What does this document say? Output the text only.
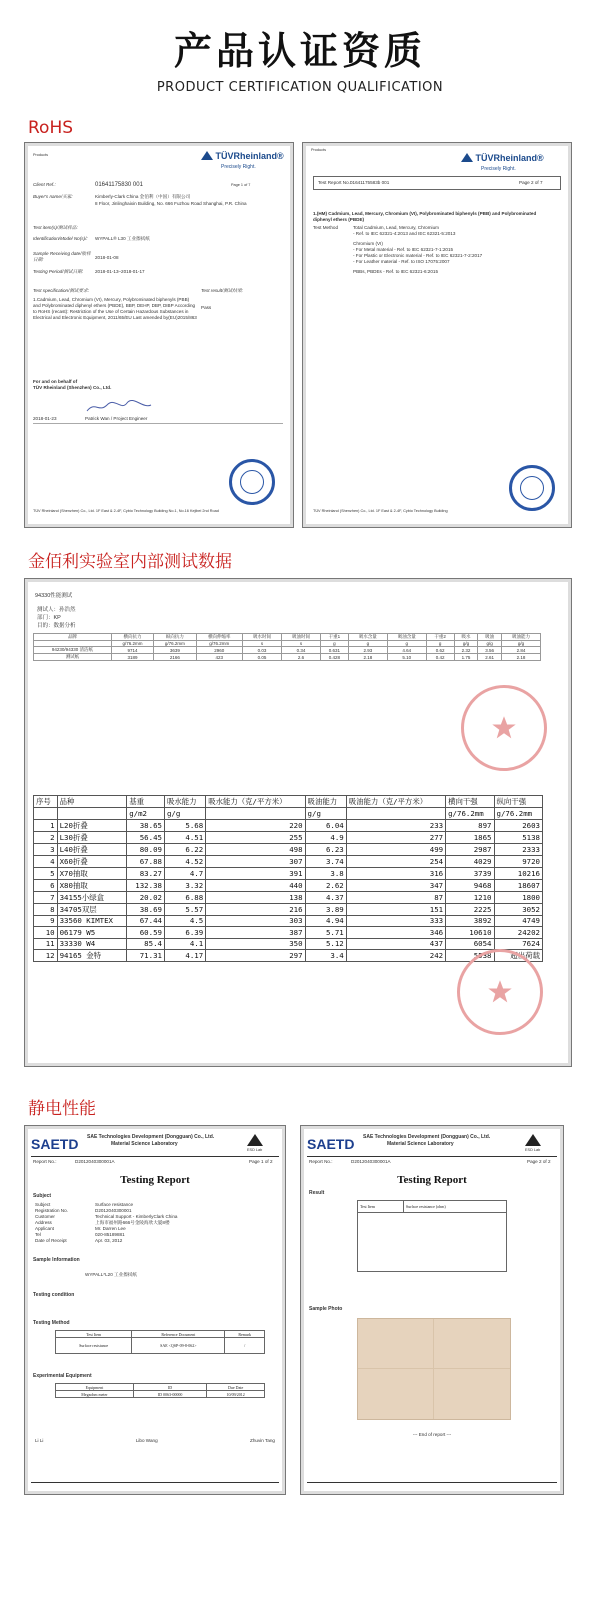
产品认证资质
PRODUCT CERTIFICATION QUALIFICATION
RoHS
Products	TÜVRheinland®
Precisely Right.
Client Ref.:	01641175830 001	Page 1 of 7
Buyer's name/买家:	Kimberly-Clark China 金佰利（中国）有限公司
8 Floor, Jinlinghaixin Building, No. 666 Fuzhou Road Shanghai, P.R. China
Test item(s)/测试样品:
Identification/Model No(s)/:	WYPALL® L30 工业擦拭纸
Sample Receiving date/收样日期:	2018-01-08
Testing Period/测试日期:	2018-01-13–2018-01-17
Test specification/测试要求:	Test result/测试结果:
1.Cadmium, Lead, Chromium (VI), Mercury, Polybrominated biphenyls (PBB) and Polybrominated diphenyl ethers (PBDE), BBP, DEHP, DBP, DIBP According to RoHS (recast): Restriction of the Use of Certain Hazardous Substances in Electrical and Electronic Equipment, 2011/65/EU Last amended by(EU)2015/863
Pass
For and on behalf of
TÜV Rheinland (Shenzhen) Co., Ltd.
2018-01-23	Patrick Wan / Project Engineer
TÜV Rheinland (Shenzhen) Co., Ltd. 1F East & 2-4F, Cybio Technology Building No.1, No.16 Kejibei 2nd Road
Products
TÜVRheinland®
Precisely Right.
Test Report No.:
01641175583b 001	Page 2 of 7
1.(HM) Cadmium, Lead, Mercury, Chromium (VI), Polybrominated biphenyls (PBB) and Polybrominated diphenyl ethers (PBDE)
Test Method	Total Cadmium, Lead, Mercury, Chromium
- Ref. to IEC 62321-4:2013 and IEC 62321-5:2013
Chromium (VI)
- For Metal material - Ref. to IEC 62321-7-1:2015
- For Plastic or Electronic material - Ref. to IEC 62321-7-2:2017
- For Leather material - Ref. to ISO 17075:2007
PBBs, PBDEs - Ref. to IEC 62321-6:2015
TÜV Rheinland (Shenzhen) Co., Ltd. 1F East & 2-4F, Cybio Technology Building
金佰利实验室内部测试数据
94330性能测试
测试人：孙浩然
部门：KP
目的：数据分析
品牌	横向抗力	纵向抗力	横向伸缩率	吸水时间	吸油时间	干重1	吸水含量	吸油含量	干重2	吸水	吸油	吸油能力
	g/76.2mm	g/76.2mm	g/76.2mm	s	s	g	g	g	g	g/g	g/g	g/g
94230/94330 清洁纸	9714	3639	2960	0.03	0.34	0.631	2.93	4.64	0.62	2.32	3.56	2.84
测试纸	3189	2166	423	0.05	2.6	0.428	2.18	5.10	0.42	1.75	2.61	2.18
序号	品种	基重	吸水能力	吸水能力（克/平方米）	吸油能力	吸油能力（克/平方米）	横向干强	纵向干强
		g/m2	g/g		g/g		g/76.2mm	g/76.2mm
1	L20折叠	38.65	5.68	220	6.04	233	897	2603
2	L30折叠	56.45	4.51	255	4.9	277	1865	5138
3	L40折叠	80.09	6.22	498	6.23	499	2987	2333
4	X60折叠	67.88	4.52	307	3.74	254	4029	9720
5	X70抽取	83.27	4.7	391	3.8	316	3739	10216
6	X80抽取	132.38	3.32	440	2.62	347	9468	18607
7	34155小绿盒	20.02	6.88	138	4.37	87	1210	1800
8	34705双层	38.69	5.57	216	3.89	151	2225	3052
9	33560 KIMTEX	67.44	4.5	303	4.94	333	3892	4749
10	06179 W5	60.59	6.39	387	5.71	346	10610	24202
11	33330 W4	85.4	4.1	350	5.12	437	6054	7624
12	94165 金特	71.31	4.17	297	3.4	242	5538	超出荷载
静电性能
SAETD SAE Technologies Development (Dongguan) Co., Ltd.
Material Science Laboratory
ESD Lab
Report No.:	D2012040300001A	Page 1 of 2
Testing Report
Subject
Subject	Surface resistance
Registration No.	D2012040300001
Customer	Technical Support - KimberlyClark China
Address	上海市福州路666号金陵海欣大厦8楼
Applicant	Mr. Darren Lee
Tel	020-85189881
Date of Receipt	Apr. 03, 2012
Sample Information
WYPALL*L20 工业擦拭纸
Testing condition
Testing Method
Test Item	Reference Document	Remark
Surface resistance	SAE <QSP-09-8-062>	/
Experimental Equipment
Equipment	ID	Due Date
Megaohm meter	ID 0063-00000	10/09/2012
Li Li	Libo Wang	Zhuvin Tang
SAETD SAE Technologies Development (Dongguan) Co., Ltd.
Material Science Laboratory
ESD Lab
Report No.:	D2012040300001A	Page 2 of 2
Testing Report
Result
Test Item	Surface resistance (ohm)

Sample Photo
--- End of report ---
